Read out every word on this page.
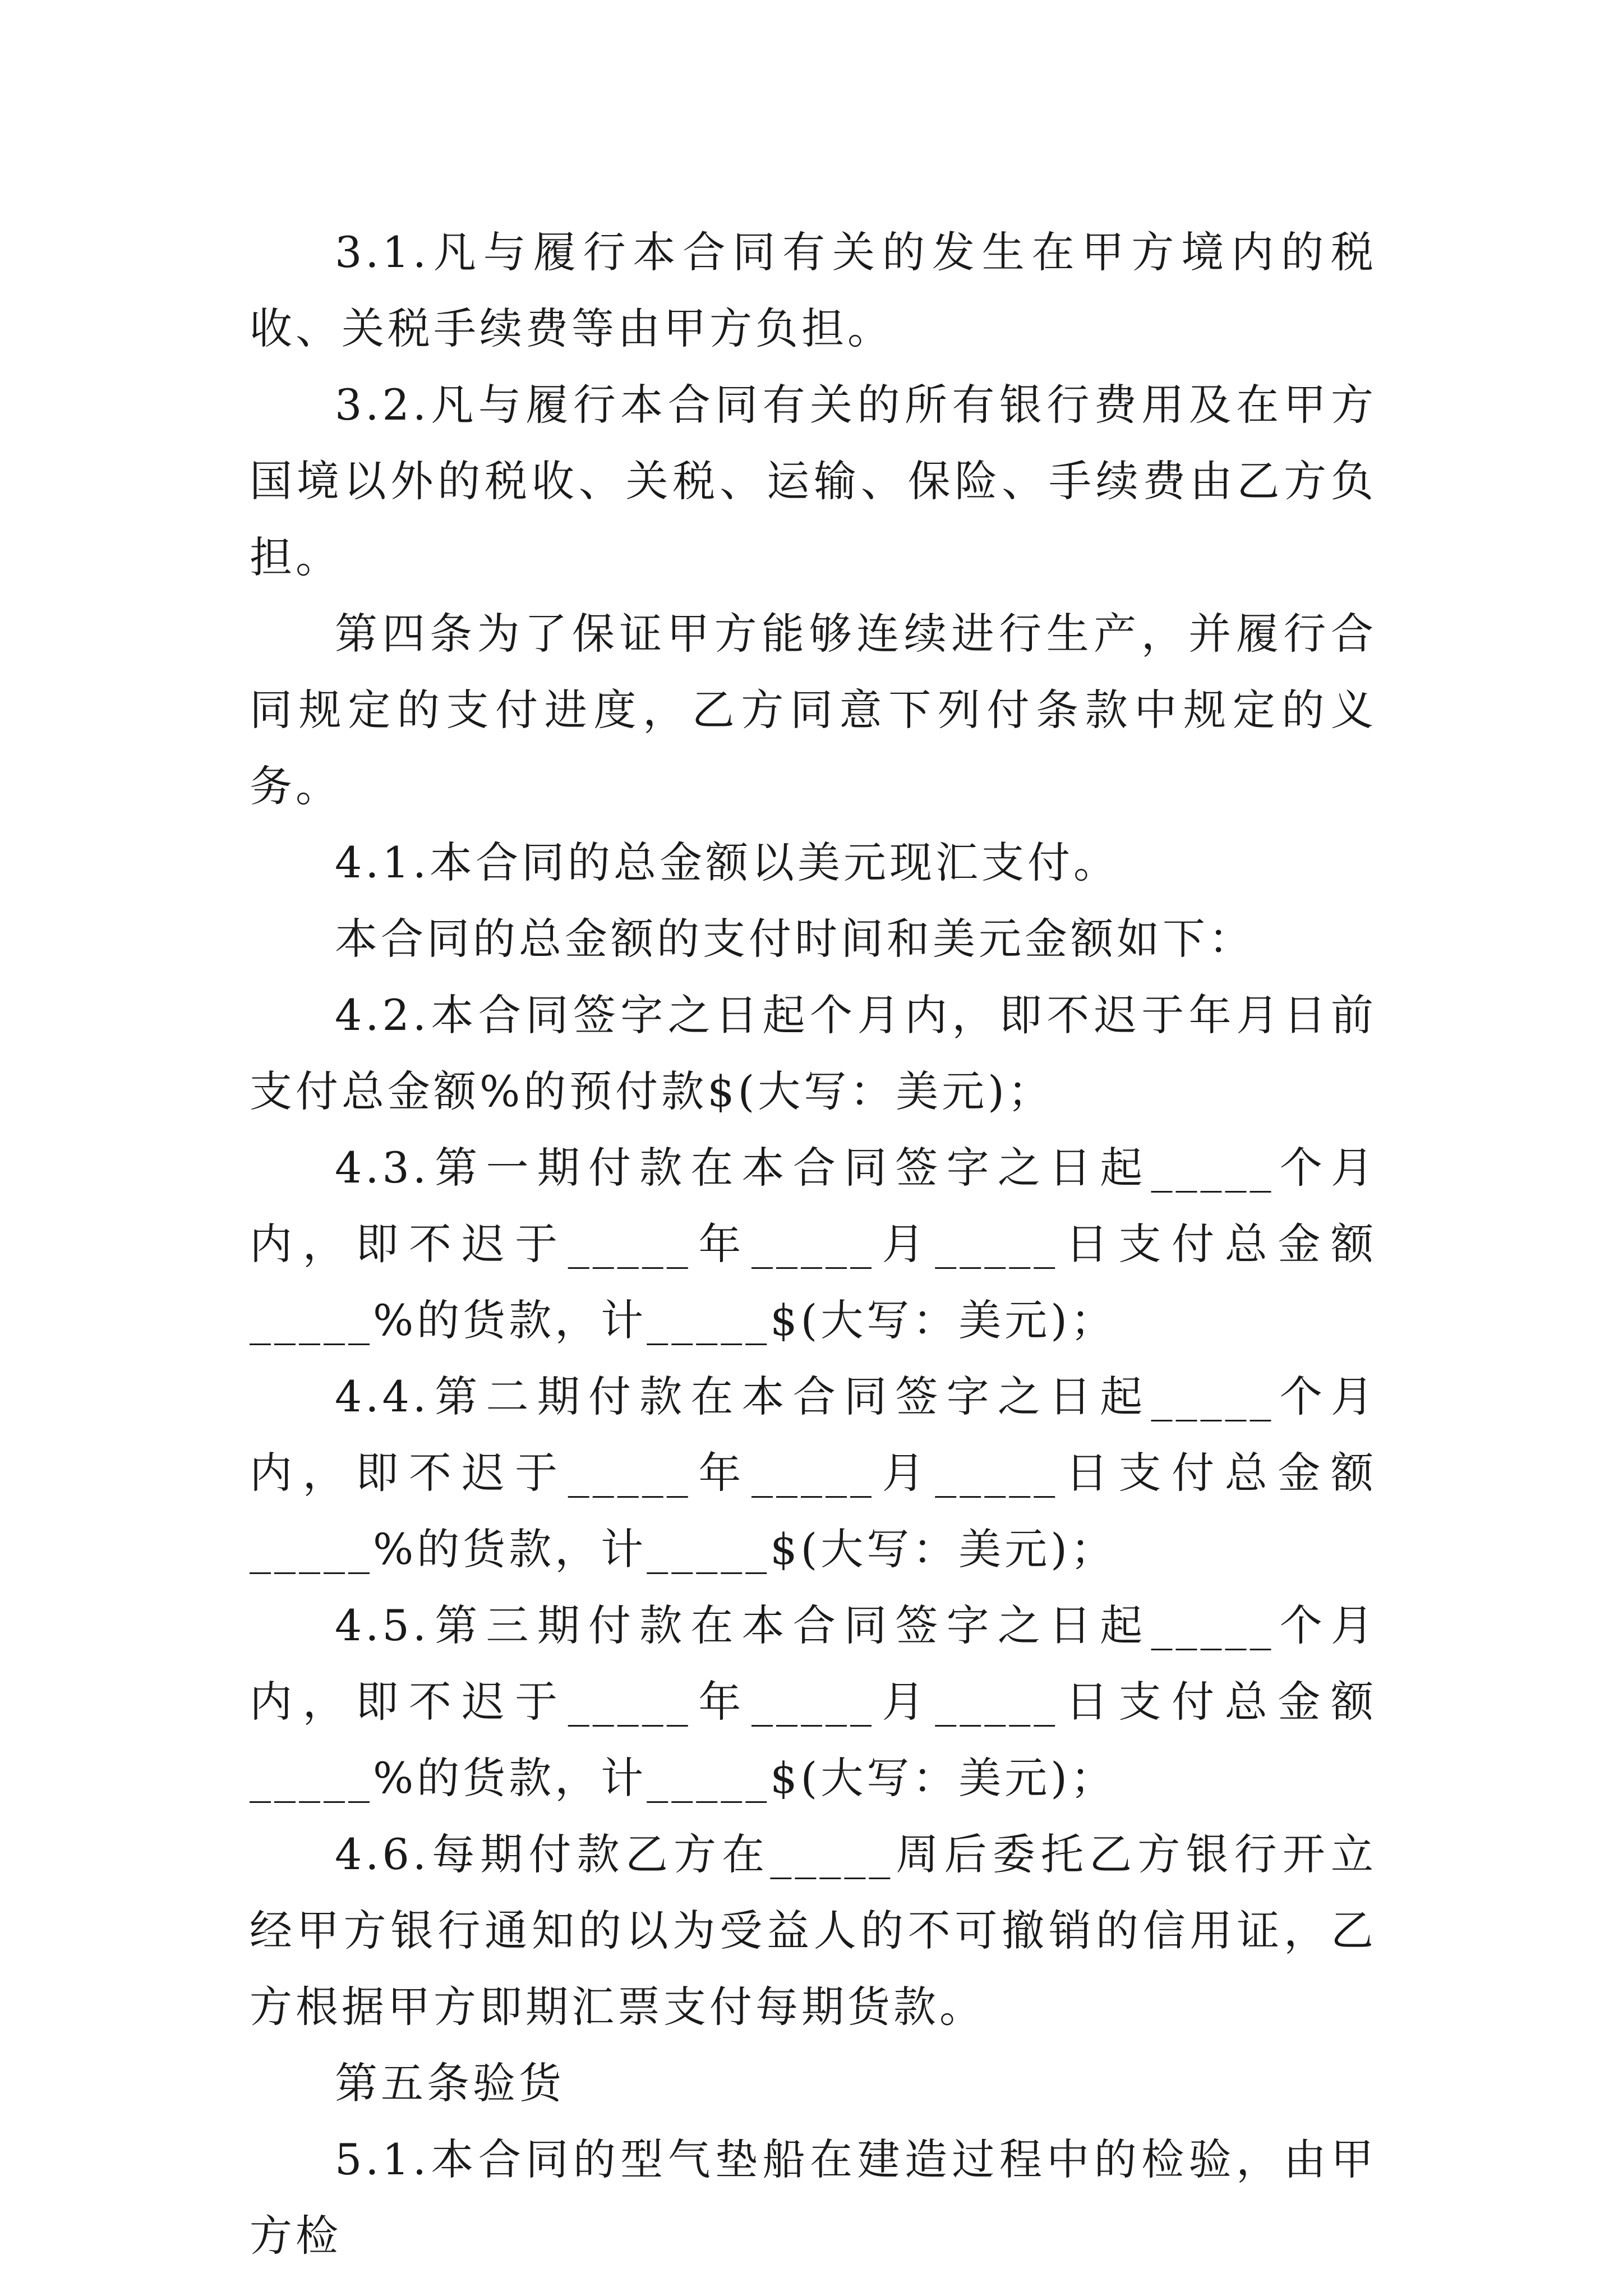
3.1.凡与履行本合同有关的发生在甲方境内的税收、关税手续费等由甲方负担。

3.2.凡与履行本合同有关的所有银行费用及在甲方国境以外的税收、关税、运输、保险、手续费由乙方负担。

第四条为了保证甲方能够连续进行生产，并履行合同规定的支付进度，乙方同意下列付条款中规定的义务。

4.1.本合同的总金额以美元现汇支付。

本合同的总金额的支付时间和美元金额如下：

4.2.本合同签字之日起个月内，即不迟于年月日前支付总金额%的预付款$(大写：美元)；

4.3.第一期付款在本合同签字之日起_____个月内，即不迟于_____年_____月_____日支付总金额_____%的货款，计_____$(大写：美元)；

4.4.第二期付款在本合同签字之日起_____个月内，即不迟于_____年_____月_____日支付总金额_____%的货款，计_____$(大写：美元)；

4.5.第三期付款在本合同签字之日起_____个月内，即不迟于_____年_____月_____日支付总金额_____%的货款，计_____$(大写：美元)；

4.6.每期付款乙方在_____周后委托乙方银行开立经甲方银行通知的以为受益人的不可撤销的信用证，乙方根据甲方即期汇票支付每期货款。

第五条验货

5.1.本合同的型气垫船在建造过程中的检验，由甲方检
